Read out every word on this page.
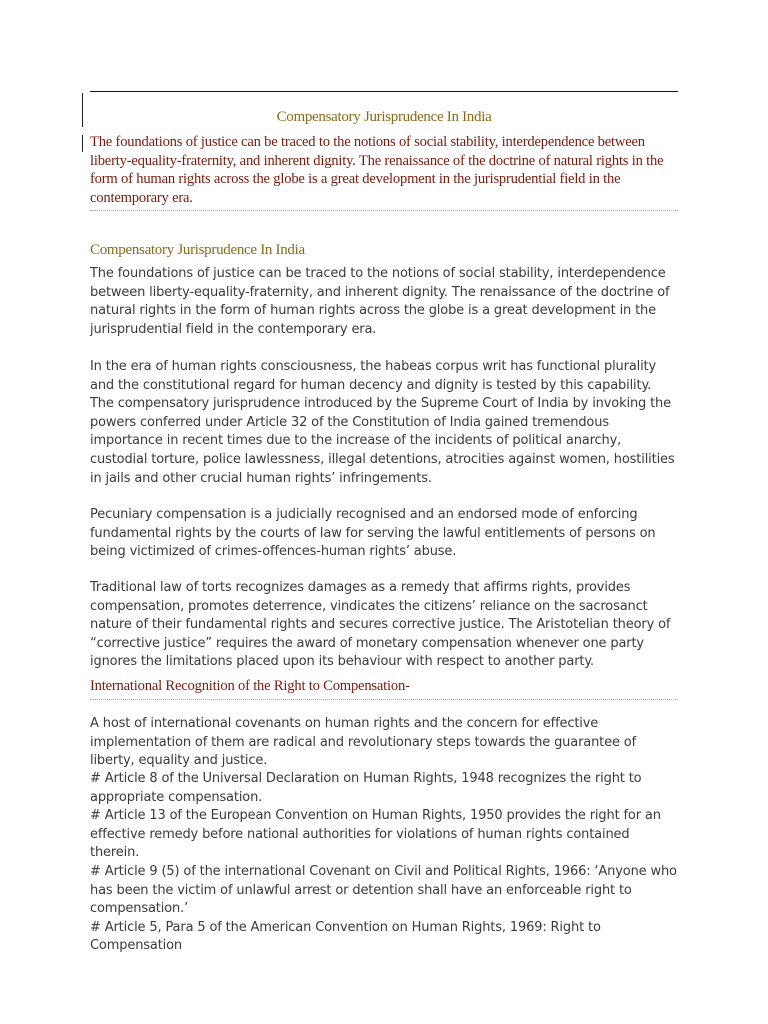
Compensatory Jurisprudence In India

The foundations of justice can be traced to the notions of social stability, interdependence between liberty-equality-fraternity, and inherent dignity. The renaissance of the doctrine of natural rights in the form of human rights across the globe is a great development in the jurisprudential field in the contemporary era.

Compensatory Jurisprudence In India

The foundations of justice can be traced to the notions of social stability, interdependence between liberty-equality-fraternity, and inherent dignity. The renaissance of the doctrine of natural rights in the form of human rights across the globe is a great development in the jurisprudential field in the contemporary era.

In the era of human rights consciousness, the habeas corpus writ has functional plurality and the constitutional regard for human decency and dignity is tested by this capability. The compensatory jurisprudence introduced by the Supreme Court of India by invoking the powers conferred under Article 32 of the Constitution of India gained tremendous importance in recent times due to the increase of the incidents of political anarchy, custodial torture, police lawlessness, illegal detentions, atrocities against women, hostilities in jails and other crucial human rights’ infringements.

Pecuniary compensation is a judicially recognised and an endorsed mode of enforcing fundamental rights by the courts of law for serving the lawful entitlements of persons on being victimized of crimes-offences-human rights’ abuse.

Traditional law of torts recognizes damages as a remedy that affirms rights, provides compensation, promotes deterrence, vindicates the citizens’ reliance on the sacrosanct nature of their fundamental rights and secures corrective justice. The Aristotelian theory of “corrective justice” requires the award of monetary compensation whenever one party ignores the limitations placed upon its behaviour with respect to another party.

International Recognition of the Right to Compensation-

A host of international covenants on human rights and the concern for effective implementation of them are radical and revolutionary steps towards the guarantee of liberty, equality and justice.

# Article 8 of the Universal Declaration on Human Rights, 1948 recognizes the right to appropriate compensation.
# Article 13 of the European Convention on Human Rights, 1950 provides the right for an effective remedy before national authorities for violations of human rights contained therein.
# Article 9 (5) of the international Covenant on Civil and Political Rights, 1966: ‘Anyone who has been the victim of unlawful arrest or detention shall have an enforceable right to compensation.’
# Article 5, Para 5 of the American Convention on Human Rights, 1969: Right to Compensation
